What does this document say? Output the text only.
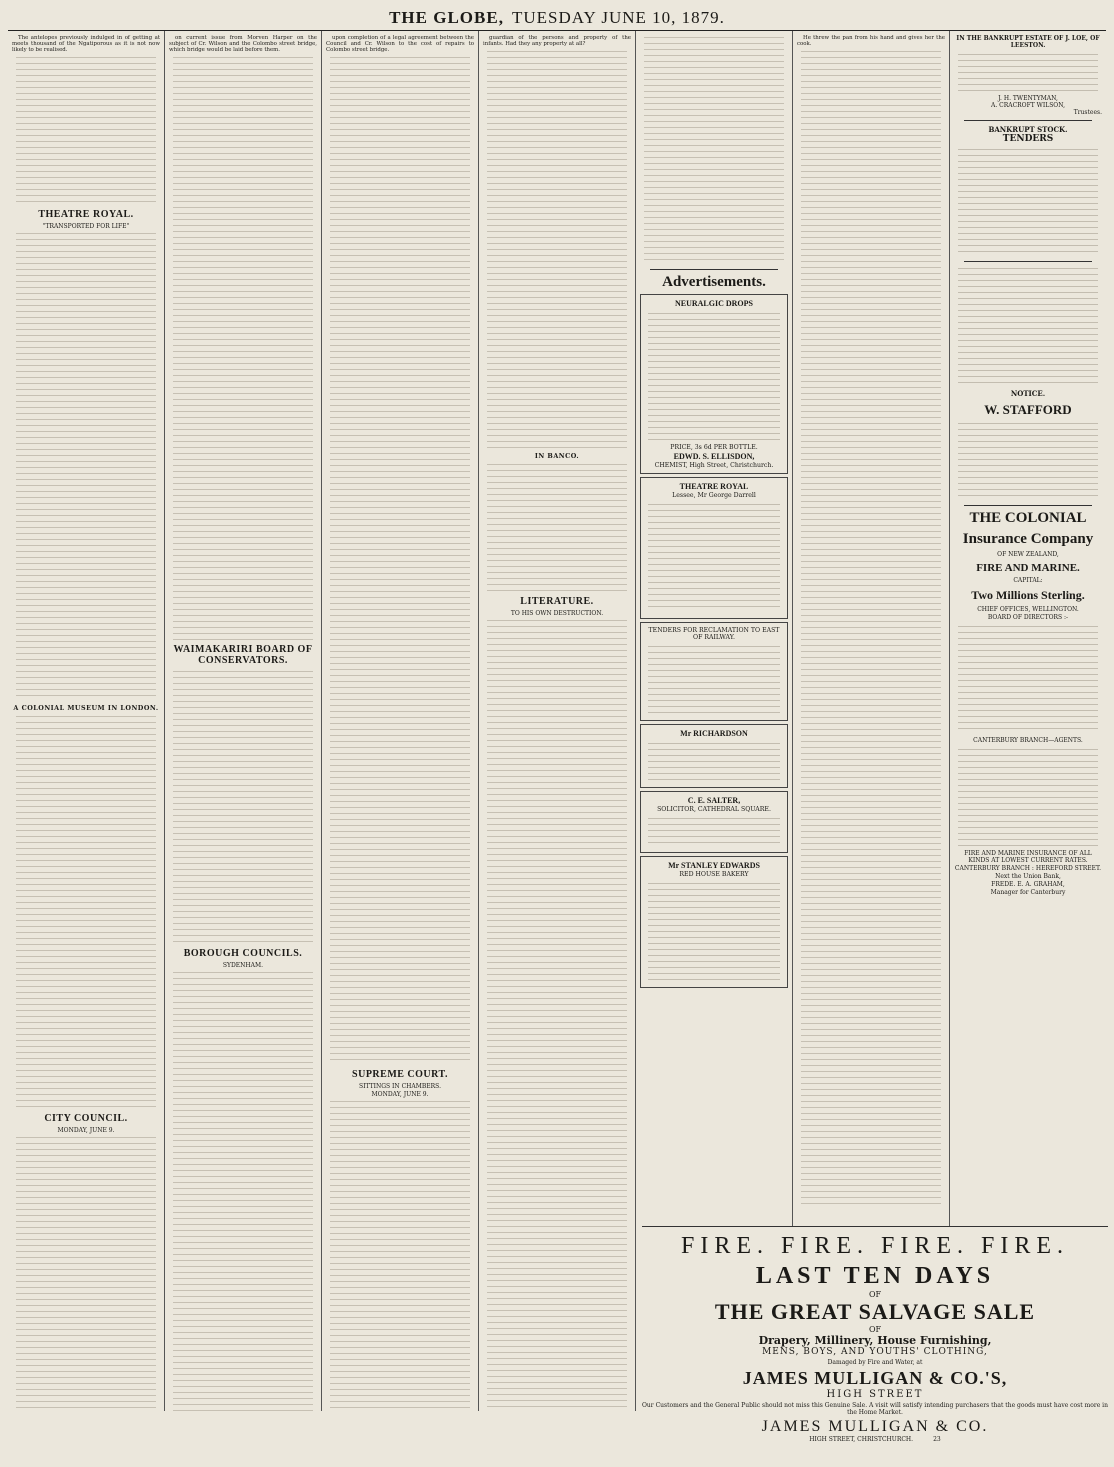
THE GLOBE, TUESDAY JUNE 10, 1879.

The antelopes previously indulged in of getting at meets thousand of the Ngatiporous as it is not now likely to be realised.

THEATRE ROYAL.
"TRANSPORTED FOR LIFE"
A COLONIAL MUSEUM IN LONDON.
CITY COUNCIL.
MONDAY, JUNE 9.

on current issue from Morven Harper on the subject of Cr. Wilson and the Colombo street bridge, which bridge would be laid before them.

WAIMAKARIRI BOARD OF CONSERVATORS.
BOROUGH COUNCILS.
SYDENHAM.

upon completion of a legal agreement between the Council and Cr. Wilson to the cost of repairs to Colombo street bridge.

SUPREME COURT.
SITTINGS IN CHAMBERS.
MONDAY, JUNE 9.

guardian of the persons and property of the infants. Had they any property at all?

IN BANCO.
LITERATURE.
TO HIS OWN DESTRUCTION.
Advertisements.
NEURALGIC DROPS
PRICE, 3s 6d PER BOTTLE.
EDWD. S. ELLISDON,
CHEMIST, High Street, Christchurch.
THEATRE ROYAL
Lessee, Mr George Darrell
TENDERS FOR RECLAMATION TO EAST OF RAILWAY.
Mr RICHARDSON
C. E. SALTER,
SOLICITOR, CATHEDRAL SQUARE.
Mr STANLEY EDWARDS
RED HOUSE BAKERY

He threw the pan from his hand and gives her the cook.

IN THE BANKRUPT ESTATE OF J. LOE, OF LEESTON.
J. H. TWENTYMAN,
A. CRACROFT WILSON,
Trustees.
BANKRUPT STOCK.
TENDERS
NOTICE.
W. STAFFORD
THE COLONIAL
Insurance Company
OF NEW ZEALAND,
FIRE AND MARINE.
CAPITAL:
Two Millions Sterling.
CHIEF OFFICES, WELLINGTON.
BOARD OF DIRECTORS :-
CANTERBURY BRANCH—AGENTS.
FIRE AND MARINE INSURANCE OF ALL KINDS AT LOWEST CURRENT RATES.
CANTERBURY BRANCH : HEREFORD STREET.
Next the Union Bank,
FREDE. E. A. GRAHAM,
Manager for Canterbury
FIRE. FIRE. FIRE. FIRE.
LAST TEN DAYS
OF
THE GREAT SALVAGE SALE
OF
Drapery, Millinery, House Furnishing,
MENS, BOYS, AND YOUTHS' CLOTHING,
Damaged by Fire and Water, at
JAMES MULLIGAN & CO.'S,
HIGH STREET
Our Customers and the General Public should not miss this Genuine Sale. A visit will satisfy intending purchasers that the goods must have cost more in the Home Market.
JAMES MULLIGAN & CO.
HIGH STREET, CHRISTCHURCH.	23
